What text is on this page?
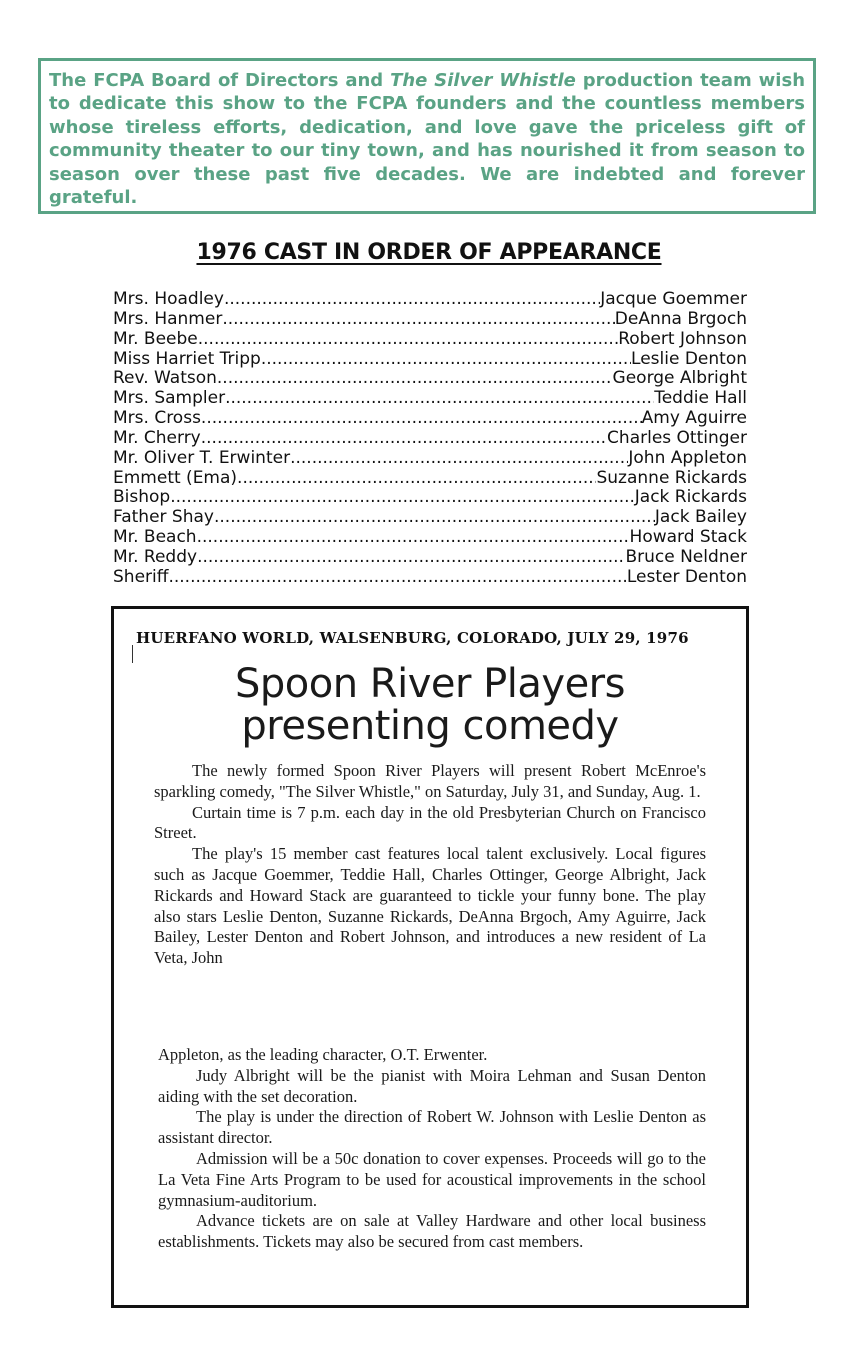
The FCPA Board of Directors and The Silver Whistle production team wish to dedicate this show to the FCPA founders and the countless members whose tireless efforts, dedication, and love gave the priceless gift of community theater to our tiny town, and has nourished it from season to season over these past five decades. We are indebted and forever grateful.
1976 CAST IN ORDER OF APPEARANCE
Mrs. Hoadley .....	Jacque Goemmer
Mrs. Hanmer .....	DeAnna Brgoch
Mr. Beebe .....	Robert Johnson
Miss Harriet Tripp .....	Leslie Denton
Rev. Watson .....	George Albright
Mrs. Sampler .....	Teddie Hall
Mrs. Cross .....	Amy Aguirre
Mr. Cherry .....	Charles Ottinger
Mr. Oliver T. Erwinter .....	John Appleton
Emmett (Ema) .....	Suzanne Rickards
Bishop .....	Jack Rickards
Father Shay .....	Jack Bailey
Mr. Beach .....	Howard Stack
Mr. Reddy .....	Bruce Neldner
Sheriff .....	Lester Denton

HUERFANO WORLD, WALSENBURG, COLORADO, JULY 29, 1976

Spoon River Players
presenting comedy

The newly formed Spoon River Players will present Robert McEnroe's sparkling comedy, "The Silver Whistle," on Saturday, July 31, and Sunday, Aug. 1.

Curtain time is 7 p.m. each day in the old Presbyterian Church on Francisco Street.

The play's 15 member cast features local talent exclusively. Local figures such as Jacque Goemmer, Teddie Hall, Charles Ottinger, George Albright, Jack Rickards and Howard Stack are guaranteed to tickle your funny bone. The play also stars Leslie Denton, Suzanne Rickards, DeAnna Brgoch, Amy Aguirre, Jack Bailey, Lester Denton and Robert Johnson, and introduces a new resident of La Veta, John

Appleton, as the leading character, O.T. Erwenter.

Judy Albright will be the pianist with Moira Lehman and Susan Denton aiding with the set decoration.

The play is under the direction of Robert W. Johnson with Leslie Denton as assistant director.

Admission will be a 50c donation to cover expenses. Proceeds will go to the La Veta Fine Arts Program to be used for acoustical improvements in the school gymnasium-auditorium.

Advance tickets are on sale at Valley Hardware and other local business establishments. Tickets may also be secured from cast members.
